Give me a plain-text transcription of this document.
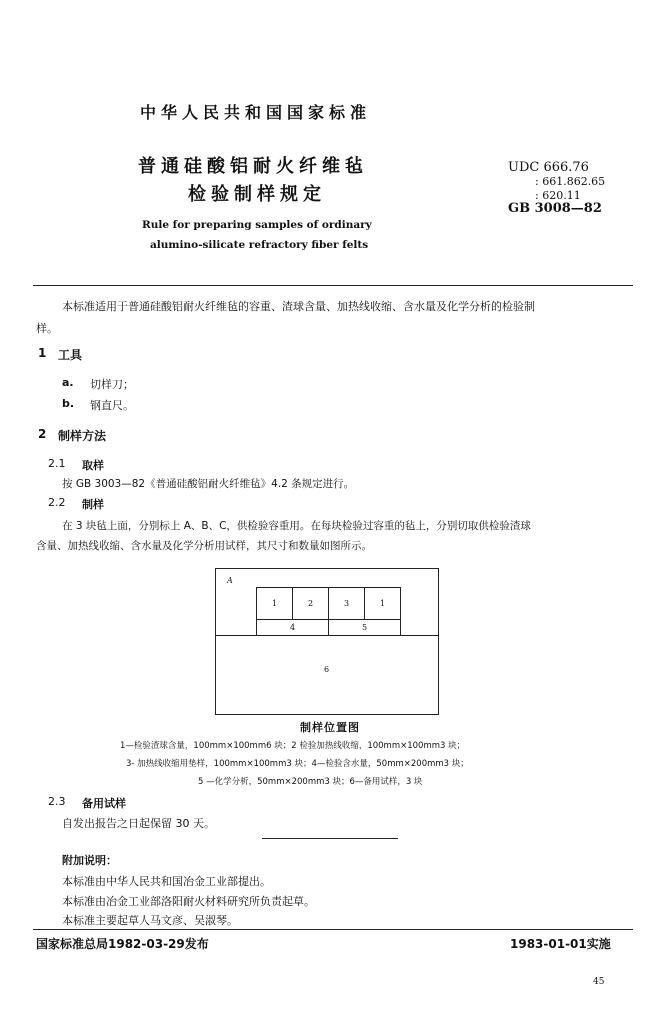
中华人民共和国国家标准
普通硅酸铝耐火纤维毡
检验制样规定
Rule for preparing samples of ordinary
alumino-silicate refractory fiber felts
UDC 666.76
: 661.862.65
: 620.11
GB 3008—82
本标准适用于普通硅酸铝耐火纤维毡的容重、渣球含量、加热线收缩、含水量及化学分析的检验制
样。
1 工具
a. 切样刀；
b. 钢直尺。
2 制样方法
2.1 取样
按 GB 3003—82《普通硅酸铝耐火纤维毡》4.2 条规定进行。
2.2 制样
在 3 块毡上面，分别标上 A、B、C，供检验容重用。在每块检验过容重的毡上，分别切取供检验渣球
含量、加热线收缩、含水量及化学分析用试样，其尺寸和数量如图所示。
A
1	2	3	1
4	5
6
制样位置图
1—检验渣球含量，100mm×100mm6 块；2 检验加热线收缩，100mm×100mm3 块；
3- 加热线收缩用垫样，100mm×100mm3 块；4—检验含水量，50mm×200mm3 块；
5 —化学分析，50mm×200mm3 块；6—备用试样，3 块
2.3 备用试样
自发出报告之日起保留 30 天。
附加说明：
本标准由中华人民共和国冶金工业部提出。
本标准由冶金工业部洛阳耐火材料研究所负责起草。
本标准主要起草人马文彦、吴淑琴。
国家标准总局1982-03-29发布	1983-01-01实施
45
